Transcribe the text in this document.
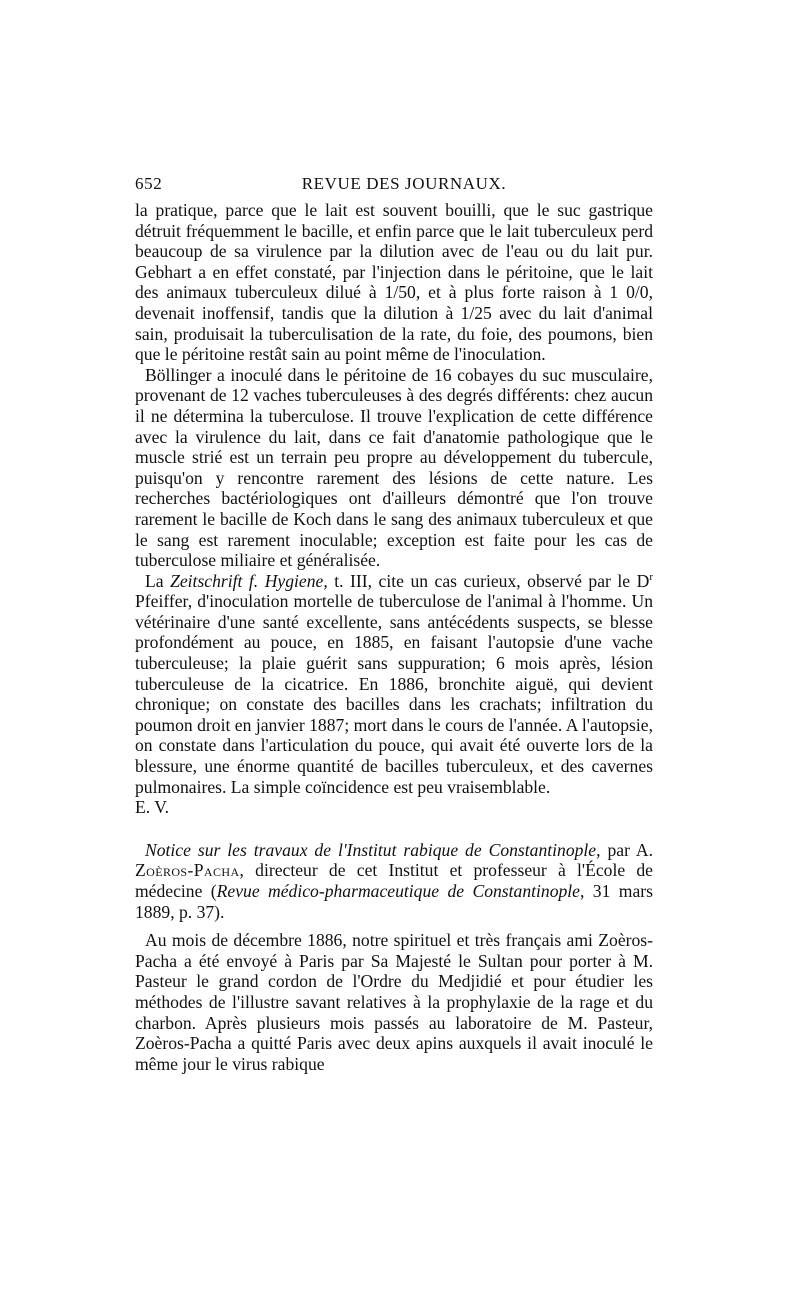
652	REVUE DES JOURNAUX.

la pratique, parce que le lait est souvent bouilli, que le suc gastrique détruit fréquemment le bacille, et enfin parce que le lait tuberculeux perd beaucoup de sa virulence par la dilution avec de l'eau ou du lait pur. Gebhart a en effet constaté, par l'injection dans le péritoine, que le lait des animaux tuberculeux dilué à 1/50, et à plus forte raison à 1 0/0, devenait inoffensif, tandis que la dilution à 1/25 avec du lait d'animal sain, produisait la tuberculisation de la rate, du foie, des poumons, bien que le péritoine restât sain au point même de l'inoculation.

Böllinger a inoculé dans le péritoine de 16 cobayes du suc musculaire, provenant de 12 vaches tuberculeuses à des degrés différents: chez aucun il ne détermina la tuberculose. Il trouve l'explication de cette différence avec la virulence du lait, dans ce fait d'anatomie pathologique que le muscle strié est un terrain peu propre au développement du tubercule, puisqu'on y rencontre rarement des lésions de cette nature. Les recherches bactériologiques ont d'ailleurs démontré que l'on trouve rarement le bacille de Koch dans le sang des animaux tuberculeux et que le sang est rarement inoculable; exception est faite pour les cas de tuberculose miliaire et généralisée.

La Zeitschrift f. Hygiene, t. III, cite un cas curieux, observé par le $D^r$ Pfeiffer, d'inoculation mortelle de tuberculose de l'animal à l'homme. Un vétérinaire d'une santé excellente, sans antécédents suspects, se blesse profondément au pouce, en 1885, en faisant l'autopsie d'une vache tuberculeuse; la plaie guérit sans suppuration; 6 mois après, lésion tuberculeuse de la cicatrice. En 1886, bronchite aiguë, qui devient chronique; on constate des bacilles dans les crachats; infiltration du poumon droit en janvier 1887; mort dans le cours de l'année. A l'autopsie, on constate dans l'articulation du pouce, qui avait été ouverte lors de la blessure, une énorme quantité de bacilles tuberculeux, et des cavernes pulmonaires. La simple coïncidence est peu vraisemblable.

E. V.

Notice sur les travaux de l'Institut rabique de Constantinople, par A. Zoèros-Pacha, directeur de cet Institut et professeur à l'École de médecine (Revue médico-pharmaceutique de Constantinople, 31 mars 1889, p. 37).

Au mois de décembre 1886, notre spirituel et très français ami Zoèros-Pacha a été envoyé à Paris par Sa Majesté le Sultan pour porter à M. Pasteur le grand cordon de l'Ordre du Medjidié et pour étudier les méthodes de l'illustre savant relatives à la prophylaxie de la rage et du charbon. Après plusieurs mois passés au laboratoire de M. Pasteur, Zoèros-Pacha a quitté Paris avec deux apins auxquels il avait inoculé le même jour le virus rabique
